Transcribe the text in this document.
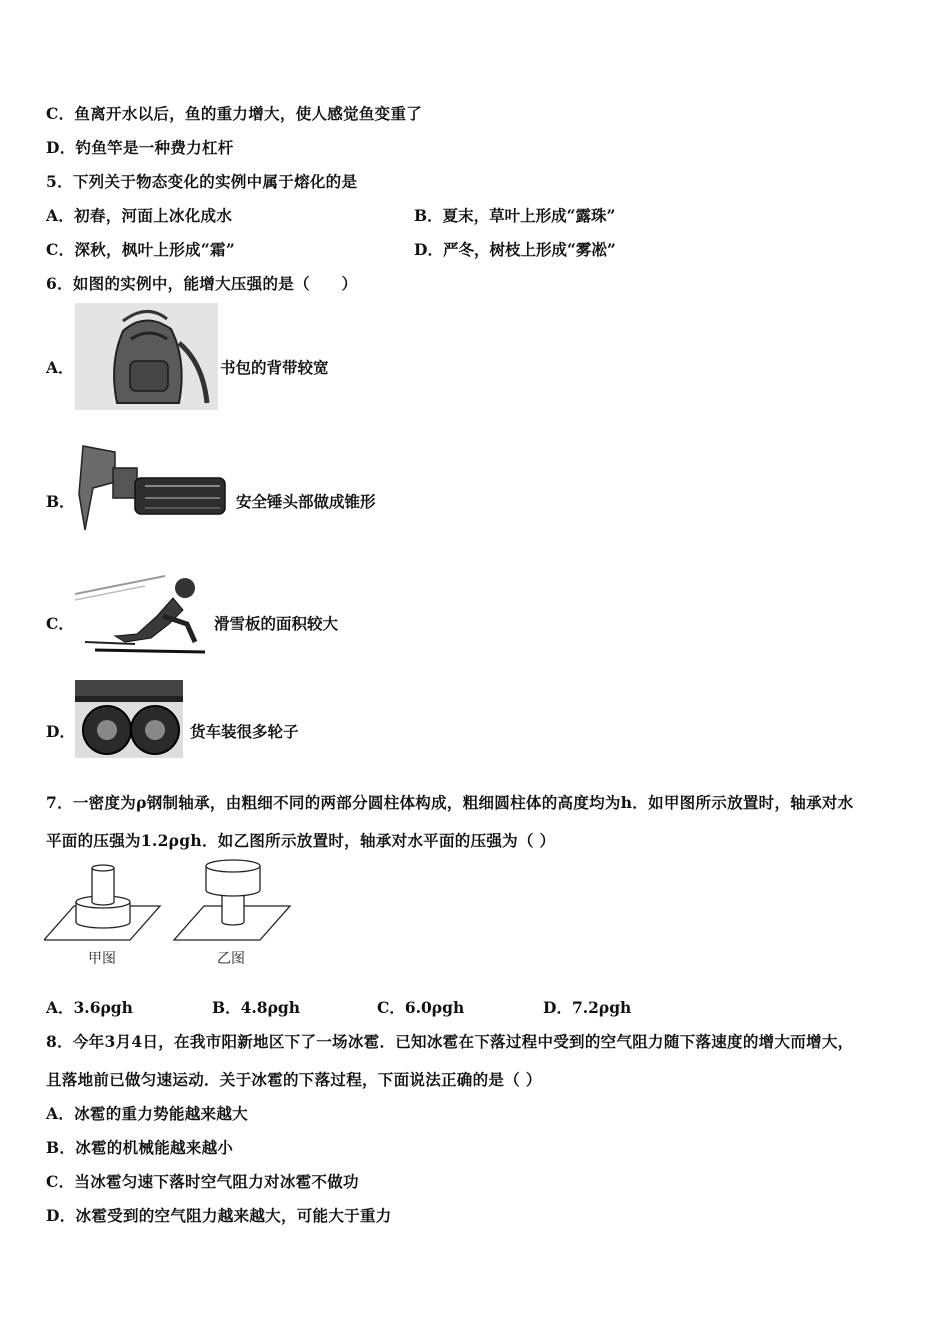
C．鱼离开水以后，鱼的重力增大，使人感觉鱼变重了
D．钓鱼竿是一种费力杠杆
5．下列关于物态变化的实例中属于熔化的是
A．初春，河面上冰化成水	B．夏末，草叶上形成“露珠”
C．深秋，枫叶上形成“霜”	D．严冬，树枝上形成“雾凇”
6．如图的实例中，能增大压强的是（　　）
A．	书包的背带较宽
B．	安全锤头部做成锥形
C．	滑雪板的面积较大
D．	货车装很多轮子
7．一密度为ρ钢制轴承，由粗细不同的两部分圆柱体构成，粗细圆柱体的高度均为h．如甲图所示放置时，轴承对水
平面的压强为1.2ρgh．如乙图所示放置时，轴承对水平面的压强为（ ）
甲图	乙图
A．3.6ρgh	B．4.8ρgh	C．6.0ρgh	D．7.2ρgh
8．今年3月4日，在我市阳新地区下了一场冰雹．已知冰雹在下落过程中受到的空气阻力随下落速度的增大而增大，
且落地前已做匀速运动．关于冰雹的下落过程，下面说法正确的是（ ）
A．冰雹的重力势能越来越大
B．冰雹的机械能越来越小
C．当冰雹匀速下落时空气阻力对冰雹不做功
D．冰雹受到的空气阻力越来越大，可能大于重力
